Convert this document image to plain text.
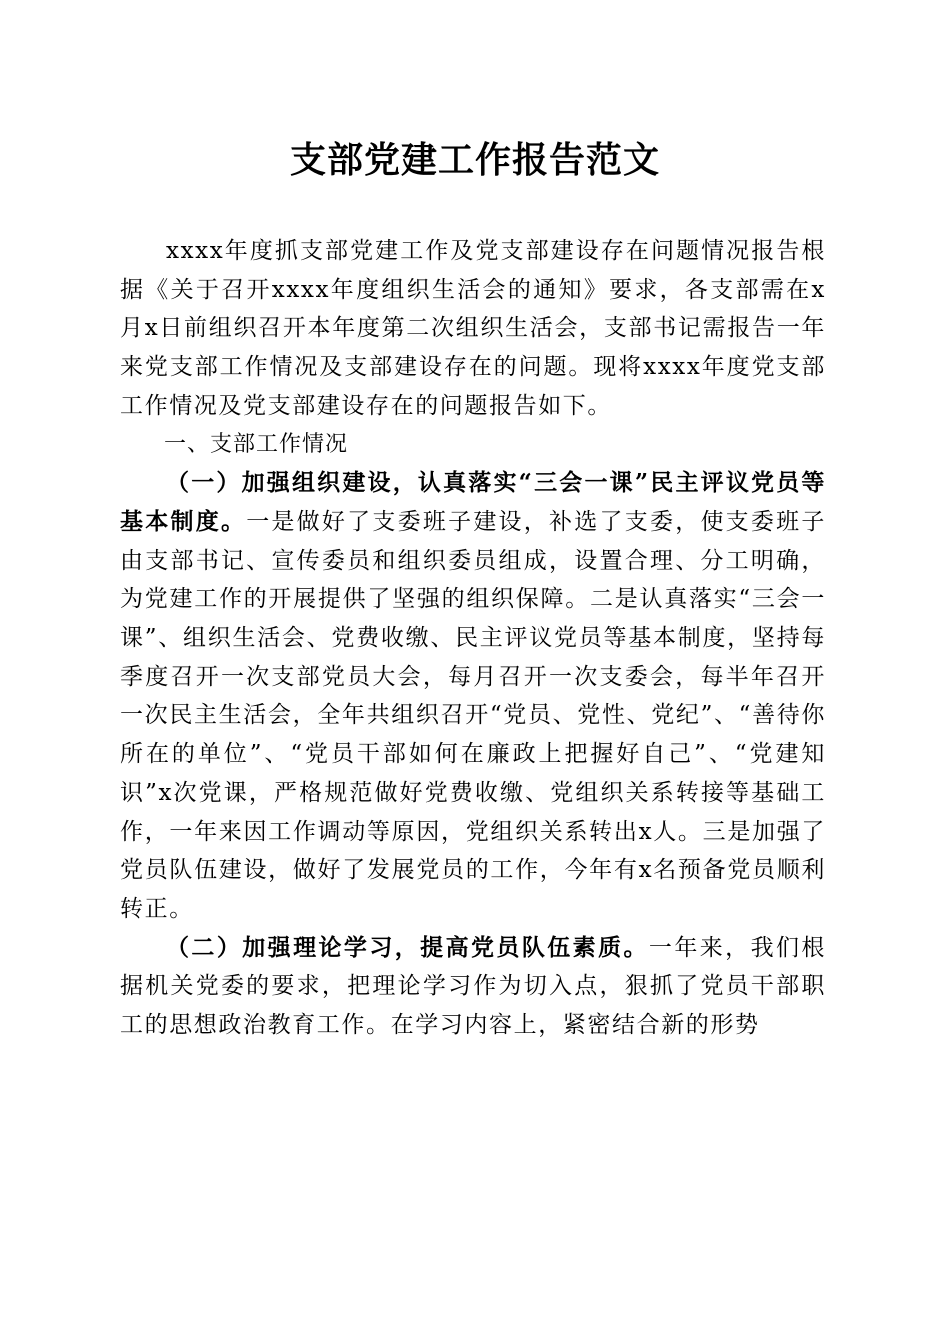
支部党建工作报告范文

xxxx年度抓支部党建工作及党支部建设存在问题情况报告根据《关于召开xxxx年度组织生活会的通知》要求，各支部需在x月x日前组织召开本年度第二次组织生活会，支部书记需报告一年来党支部工作情况及支部建设存在的问题。现将xxxx年度党支部工作情况及党支部建设存在的问题报告如下。

一、支部工作情况

（一）加强组织建设，认真落实“三会一课”民主评议党员等基本制度。一是做好了支委班子建设，补选了支委，使支委班子由支部书记、宣传委员和组织委员组成，设置合理、分工明确，为党建工作的开展提供了坚强的组织保障。二是认真落实“三会一课”、组织生活会、党费收缴、民主评议党员等基本制度，坚持每季度召开一次支部党员大会，每月召开一次支委会，每半年召开一次民主生活会，全年共组织召开“党员、党性、党纪”、“善待你所在的单位”、“党员干部如何在廉政上把握好自己”、“党建知识”x次党课，严格规范做好党费收缴、党组织关系转接等基础工作，一年来因工作调动等原因，党组织关系转出x人。三是加强了党员队伍建设，做好了发展党员的工作，今年有x名预备党员顺利转正。

（二）加强理论学习，提高党员队伍素质。一年来，我们根据机关党委的要求，把理论学习作为切入点，狠抓了党员干部职工的思想政治教育工作。在学习内容上，紧密结合新的形势
